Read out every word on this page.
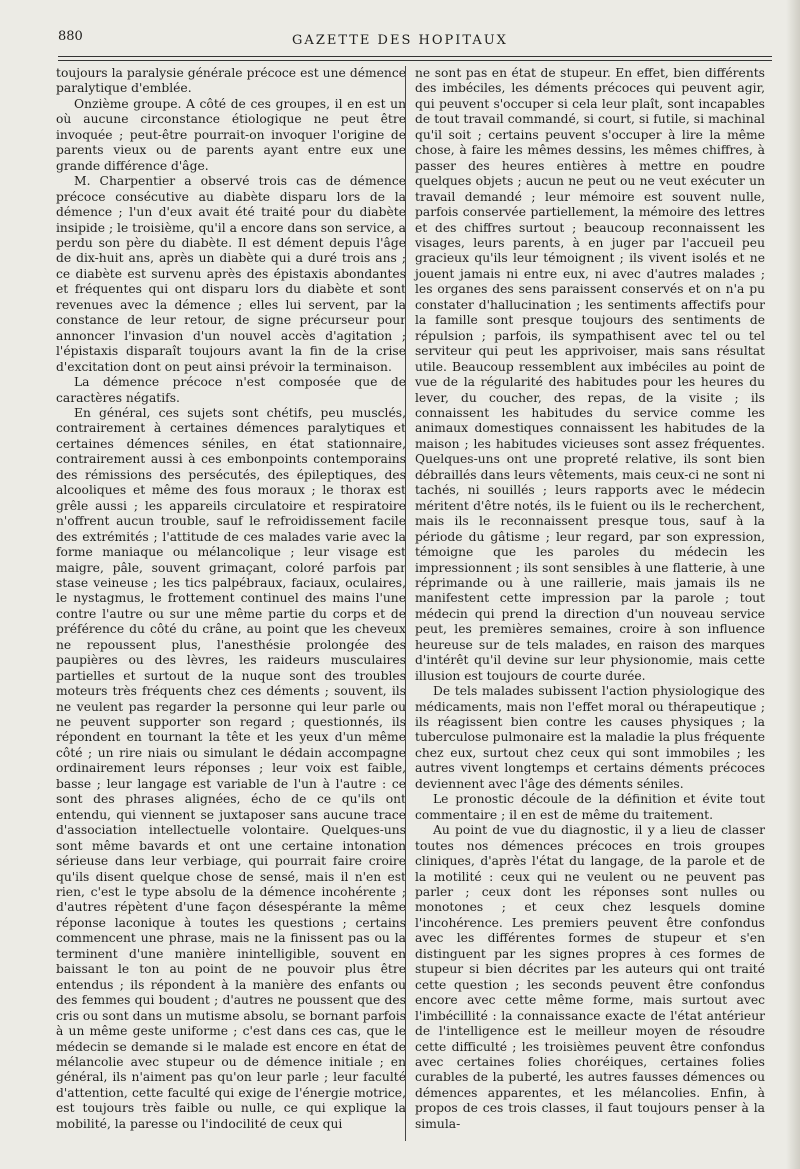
880	GAZETTE DES HOPITAUX

toujours la paralysie générale précoce est une démence paralytique d'emblée.

Onzième groupe. A côté de ces groupes, il en est un où aucune circonstance étiologique ne peut être invoquée ; peut-être pourrait-on invoquer l'origine de parents vieux ou de parents ayant entre eux une grande différence d'âge.

M. Charpentier a observé trois cas de démence précoce consécutive au diabète disparu lors de la démence ; l'un d'eux avait été traité pour du diabète insipide ; le troisième, qu'il a encore dans son service, a perdu son père du diabète. Il est dément depuis l'âge de dix-huit ans, après un diabète qui a duré trois ans ; ce diabète est survenu après des épistaxis abondantes et fréquentes qui ont disparu lors du diabète et sont revenues avec la démence ; elles lui servent, par la constance de leur retour, de signe précurseur pour annoncer l'invasion d'un nouvel accès d'agitation ; l'épistaxis disparaît toujours avant la fin de la crise d'excitation dont on peut ainsi prévoir la terminaison.

La démence précoce n'est composée que de caractères négatifs.

En général, ces sujets sont chétifs, peu musclés, contrairement à certaines démences paralytiques et certaines démences séniles, en état stationnaire, contrairement aussi à ces embonpoints contemporains des rémissions des persécutés, des épileptiques, des alcooliques et même des fous moraux ; le thorax est grêle aussi ; les appareils circulatoire et respiratoire n'offrent aucun trouble, sauf le refroidissement facile des extrémités ; l'attitude de ces malades varie avec la forme maniaque ou mélancolique ; leur visage est maigre, pâle, souvent grimaçant, coloré parfois par stase veineuse ; les tics palpébraux, faciaux, oculaires, le nystagmus, le frottement continuel des mains l'une contre l'autre ou sur une même partie du corps et de préférence du côté du crâne, au point que les cheveux ne repoussent plus, l'anesthésie prolongée des paupières ou des lèvres, les raideurs musculaires partielles et surtout de la nuque sont des troubles moteurs très fréquents chez ces déments ; souvent, ils ne veulent pas regarder la personne qui leur parle ou ne peuvent supporter son regard ; questionnés, ils répondent en tournant la tête et les yeux d'un même côté ; un rire niais ou simulant le dédain accompagne ordinairement leurs réponses ; leur voix est faible, basse ; leur langage est variable de l'un à l'autre : ce sont des phrases alignées, écho de ce qu'ils ont entendu, qui viennent se juxtaposer sans aucune trace d'association intellectuelle volontaire. Quelques-uns sont même bavards et ont une certaine intonation sérieuse dans leur verbiage, qui pourrait faire croire qu'ils disent quelque chose de sensé, mais il n'en est rien, c'est le type absolu de la démence incohérente ; d'autres répètent d'une façon désespérante la même réponse laconique à toutes les questions ; certains commencent une phrase, mais ne la finissent pas ou la terminent d'une manière inintelligible, souvent en baissant le ton au point de ne pouvoir plus être entendus ; ils répondent à la manière des enfants ou des femmes qui boudent ; d'autres ne poussent que des cris ou sont dans un mutisme absolu, se bornant parfois à un même geste uniforme ; c'est dans ces cas, que le médecin se demande si le malade est encore en état de mélancolie avec stupeur ou de démence initiale ; en général, ils n'aiment pas qu'on leur parle ; leur faculté d'attention, cette faculté qui exige de l'énergie motrice, est toujours très faible ou nulle, ce qui explique la mobilité, la paresse ou l'indocilité de ceux qui

ne sont pas en état de stupeur. En effet, bien différents des imbéciles, les déments précoces qui peuvent agir, qui peuvent s'occuper si cela leur plaît, sont incapables de tout travail commandé, si court, si futile, si machinal qu'il soit ; certains peuvent s'occuper à lire la même chose, à faire les mêmes dessins, les mêmes chiffres, à passer des heures entières à mettre en poudre quelques objets ; aucun ne peut ou ne veut exécuter un travail demandé ; leur mémoire est souvent nulle, parfois conservée partiellement, la mémoire des lettres et des chiffres surtout ; beaucoup reconnaissent les visages, leurs parents, à en juger par l'accueil peu gracieux qu'ils leur témoignent ; ils vivent isolés et ne jouent jamais ni entre eux, ni avec d'autres malades ; les organes des sens paraissent conservés et on n'a pu constater d'hallucination ; les sentiments affectifs pour la famille sont presque toujours des sentiments de répulsion ; parfois, ils sympathisent avec tel ou tel serviteur qui peut les apprivoiser, mais sans résultat utile. Beaucoup ressemblent aux imbéciles au point de vue de la régularité des habitudes pour les heures du lever, du coucher, des repas, de la visite ; ils connaissent les habitudes du service comme les animaux domestiques connaissent les habitudes de la maison ; les habitudes vicieuses sont assez fréquentes. Quelques-uns ont une propreté relative, ils sont bien débraillés dans leurs vêtements, mais ceux-ci ne sont ni tachés, ni souillés ; leurs rapports avec le médecin méritent d'être notés, ils le fuient ou ils le recherchent, mais ils le reconnaissent presque tous, sauf à la période du gâtisme ; leur regard, par son expression, témoigne que les paroles du médecin les impressionnent ; ils sont sensibles à une flatterie, à une réprimande ou à une raillerie, mais jamais ils ne manifestent cette impression par la parole ; tout médecin qui prend la direction d'un nouveau service peut, les premières semaines, croire à son influence heureuse sur de tels malades, en raison des marques d'intérêt qu'il devine sur leur physionomie, mais cette illusion est toujours de courte durée.

De tels malades subissent l'action physiologique des médicaments, mais non l'effet moral ou thérapeutique ; ils réagissent bien contre les causes physiques ; la tuberculose pulmonaire est la maladie la plus fréquente chez eux, surtout chez ceux qui sont immobiles ; les autres vivent longtemps et certains déments précoces deviennent avec l'âge des déments séniles.

Le pronostic découle de la définition et évite tout commentaire ; il en est de même du traitement.

Au point de vue du diagnostic, il y a lieu de classer toutes nos démences précoces en trois groupes cliniques, d'après l'état du langage, de la parole et de la motilité : ceux qui ne veulent ou ne peuvent pas parler ; ceux dont les réponses sont nulles ou monotones ; et ceux chez lesquels domine l'incohérence. Les premiers peuvent être confondus avec les différentes formes de stupeur et s'en distinguent par les signes propres à ces formes de stupeur si bien décrites par les auteurs qui ont traité cette question ; les seconds peuvent être confondus encore avec cette même forme, mais surtout avec l'imbécillité : la connaissance exacte de l'état antérieur de l'intelligence est le meilleur moyen de résoudre cette difficulté ; les troisièmes peuvent être confondus avec certaines folies choréiques, certaines folies curables de la puberté, les autres fausses démences ou démences apparentes, et les mélancolies. Enfin, à propos de ces trois classes, il faut toujours penser à la simula-
